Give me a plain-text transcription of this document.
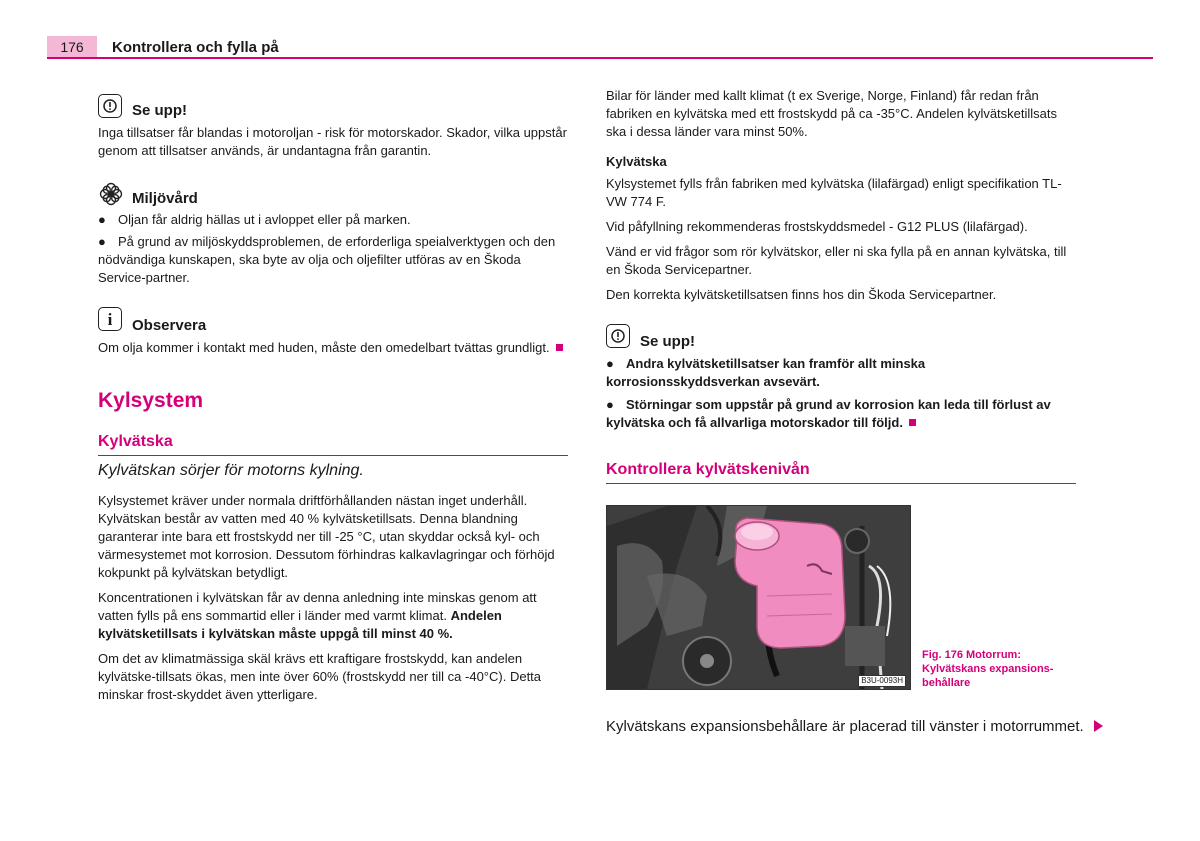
176	Kontrollera och fylla på
Se upp!

Inga tillsatser får blandas i motoroljan - risk för motorskador. Skador, vilka uppstår genom att tillsatser används, är undantagna från garantin.

Miljövård
● Oljan får aldrig hällas ut i avloppet eller på marken.
● På grund av miljöskyddsproblemen, de erforderliga speialverktygen och den nödvändiga kunskapen, ska byte av olja och oljefilter utföras av en Škoda Service-partner.
i Observera

Om olja kommer i kontakt med huden, måste den omedelbart tvättas grundligt.

Kylsystem
Kylvätska
Kylvätskan sörjer för motorns kylning.

Kylsystemet kräver under normala driftförhållanden nästan inget underhåll. Kylvätskan består av vatten med 40 % kylvätsketillsats. Denna blandning garanterar inte bara ett frostskydd ner till -25 °C, utan skyddar också kyl- och värmesystemet mot korrosion. Dessutom förhindras kalkavlagringar och förhöjd kokpunkt på kylvätskan betydligt.

Koncentrationen i kylvätskan får av denna anledning inte minskas genom att vatten fylls på ens sommartid eller i länder med varmt klimat. Andelen kylvätsketillsats i kylvätskan måste uppgå till minst 40 %.

Om det av klimatmässiga skäl krävs ett kraftigare frostskydd, kan andelen kylvätske-tillsats ökas, men inte över 60% (frostskydd ner till ca -40°C). Detta minskar frost-skyddet även ytterligare.

Bilar för länder med kallt klimat (t ex Sverige, Norge, Finland) får redan från fabriken en kylvätska med ett frostskydd på ca -35°C. Andelen kylvätsketillsats ska i dessa länder vara minst 50%.

Kylvätska

Kylsystemet fylls från fabriken med kylvätska (lilafärgad) enligt specifikation TL-VW 774 F.

Vid påfyllning rekommenderas frostskyddsmedel - G12 PLUS (lilafärgad).

Vänd er vid frågor som rör kylvätskor, eller ni ska fylla på en annan kylvätska, till en Škoda Servicepartner.

Den korrekta kylvätsketillsatsen finns hos din Škoda Servicepartner.

Se upp!

● Andra kylvätsketillsatser kan framför allt minska korrosionsskyddsverkan avsevärt.

● Störningar som uppstår på grund av korrosion kan leda till förlust av kylvätska och få allvarliga motorskador till följd.

Kontrollera kylvätskenivån
B3U-0093H
Fig. 176 Motorrum:
Kylvätskans expansions-
behållare
Kylvätskans expansionsbehållare är placerad till vänster i motorrummet.
